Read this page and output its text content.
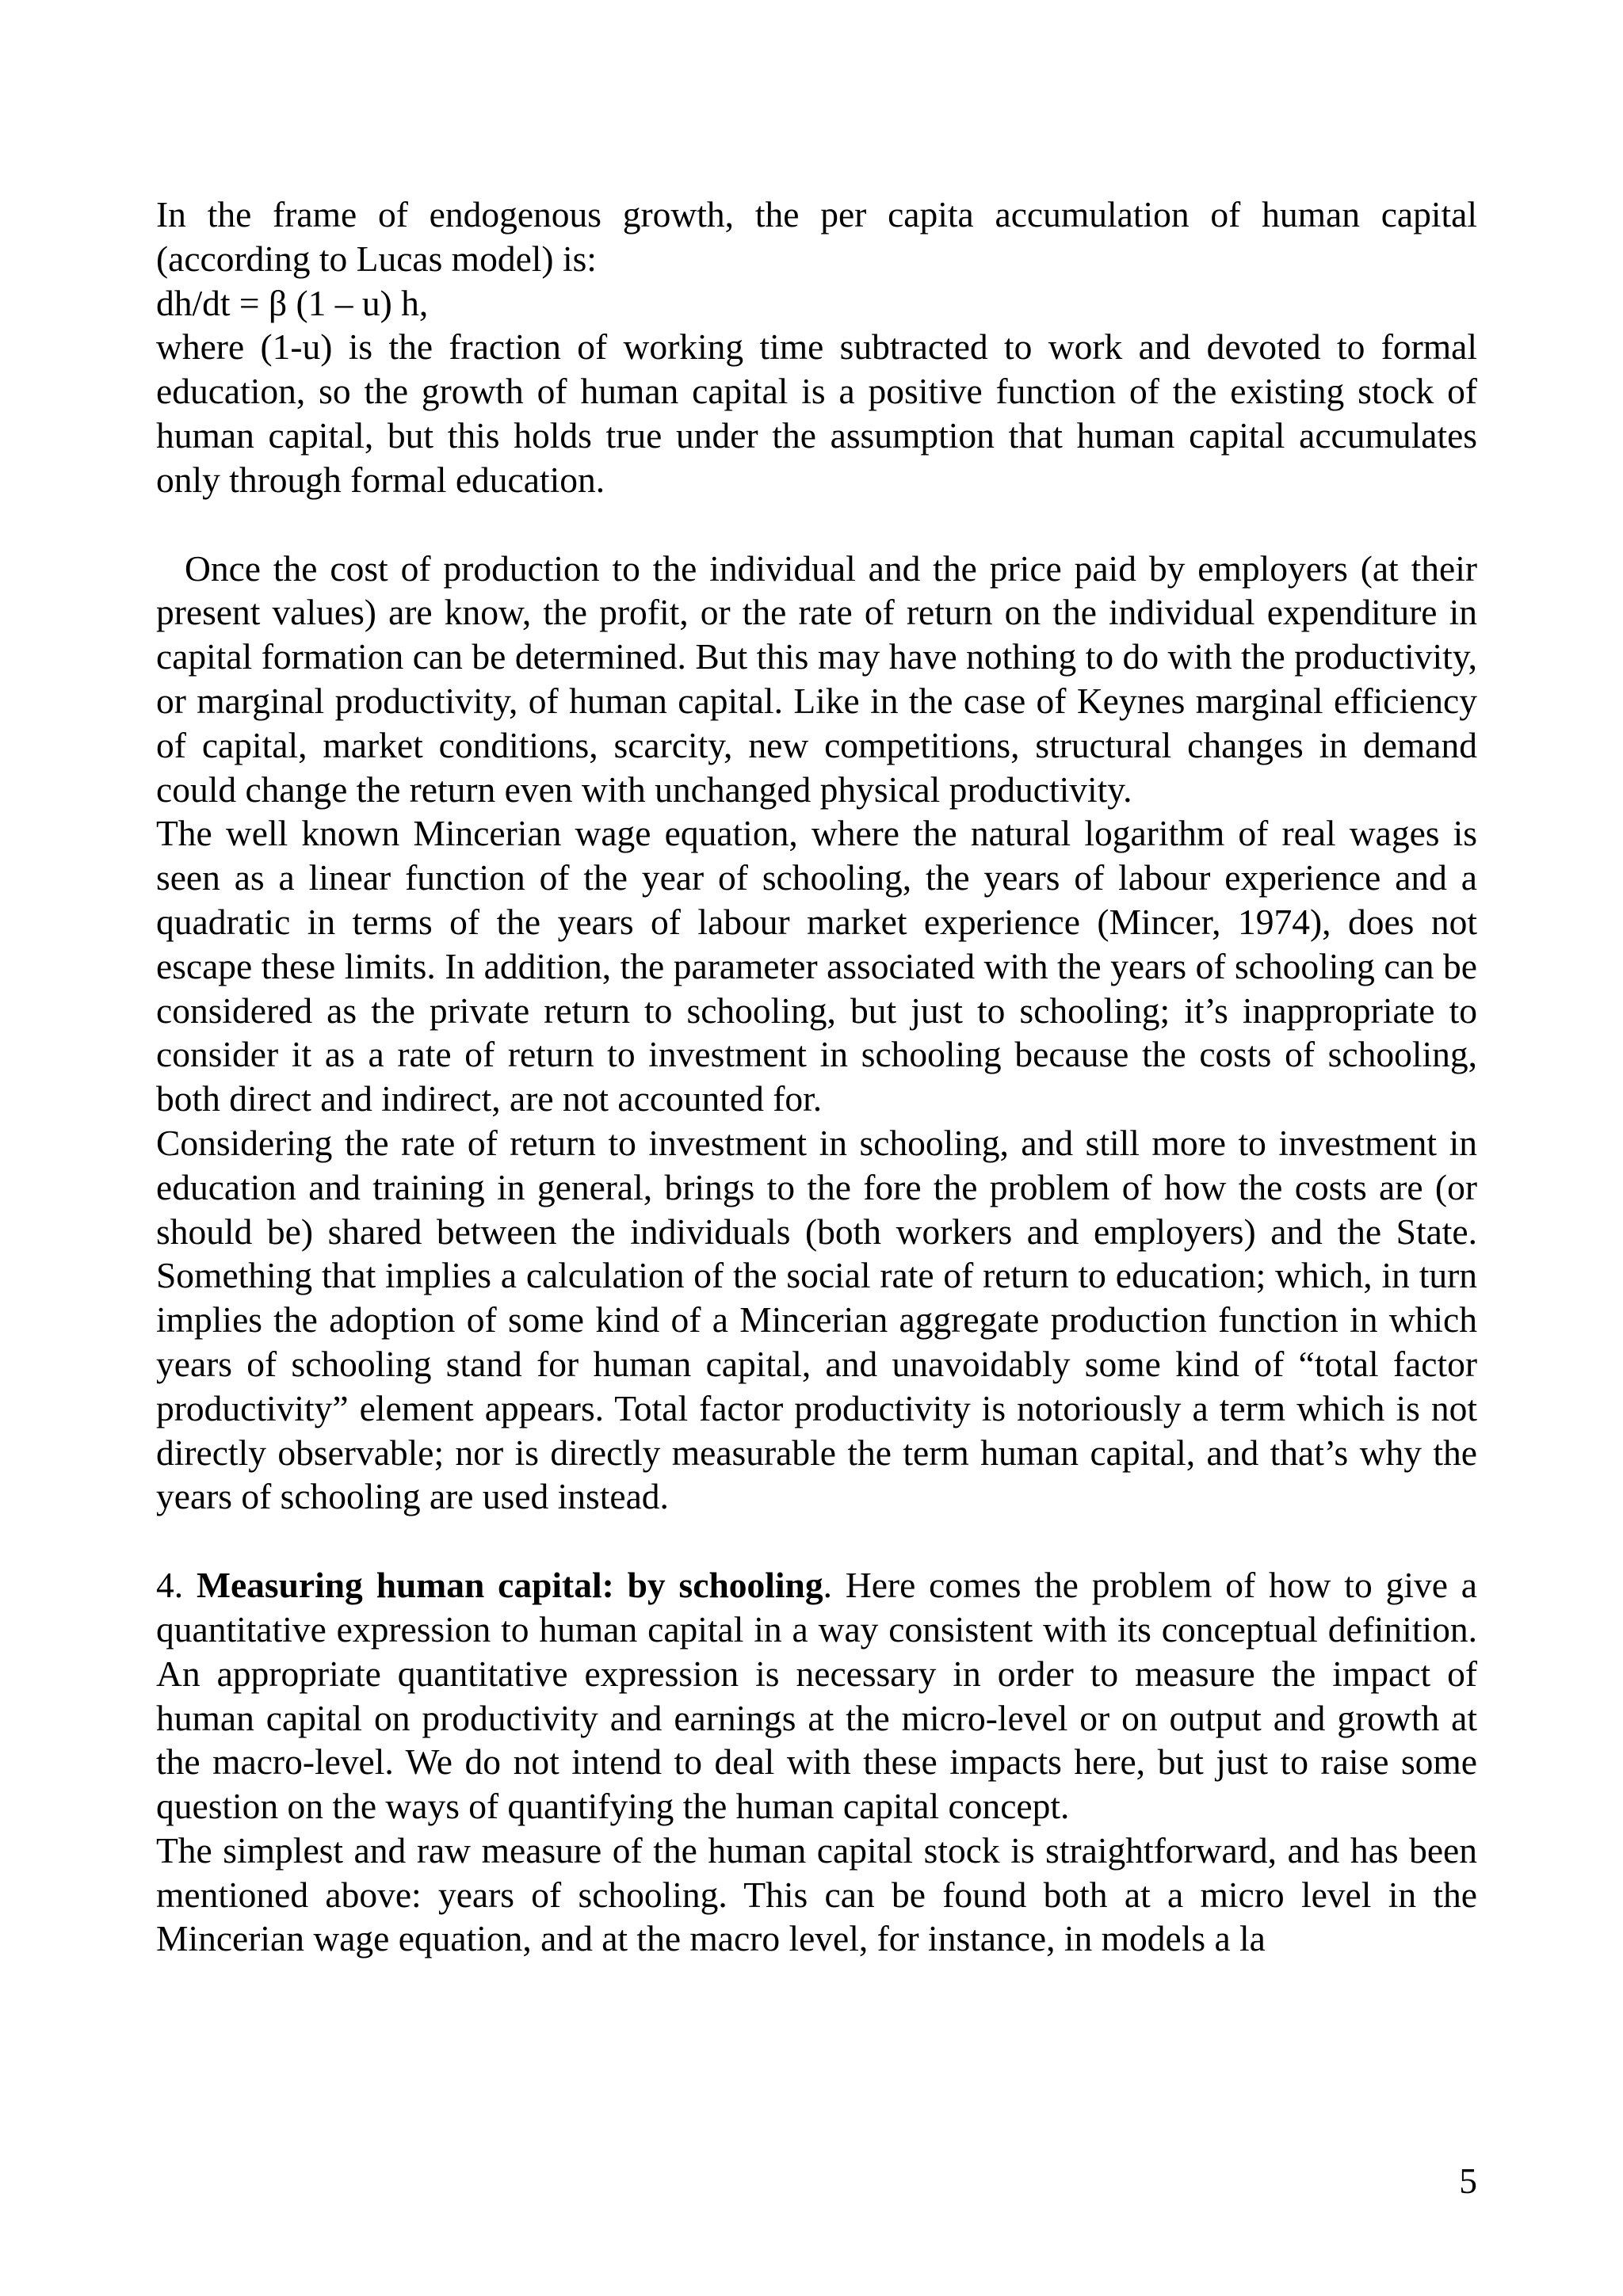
In the frame of endogenous growth, the per capita accumulation of human capital (according to Lucas model) is:

dh/dt = β (1 – u) h,

where (1-u) is the fraction of working time subtracted to work and devoted to formal education, so the growth of human capital is a positive function of the existing stock of human capital, but this holds true under the assumption that human capital accumulates only through formal education.

Once the cost of production to the individual and the price paid by employers (at their present values) are know, the profit, or the rate of return on the individual expenditure in capital formation can be determined. But this may have nothing to do with the productivity, or marginal productivity, of human capital. Like in the case of Keynes marginal efficiency of capital, market conditions, scarcity, new competitions, structural changes in demand could change the return even with unchanged physical productivity.

The well known Mincerian wage equation, where the natural logarithm of real wages is seen as a linear function of the year of schooling, the years of labour experience and a quadratic in terms of the years of labour market experience (Mincer, 1974), does not escape these limits. In addition, the parameter associated with the years of schooling can be considered as the private return to schooling, but just to schooling; it’s inappropriate to consider it as a rate of return to investment in schooling because the costs of schooling, both direct and indirect, are not accounted for.

Considering the rate of return to investment in schooling, and still more to investment in education and training in general, brings to the fore the problem of how the costs are (or should be) shared between the individuals (both workers and employers) and the State. Something that implies a calculation of the social rate of return to education; which, in turn implies the adoption of some kind of a Mincerian aggregate production function in which years of schooling stand for human capital, and unavoidably some kind of “total factor productivity” element appears. Total factor productivity is notoriously a term which is not directly observable; nor is directly measurable the term human capital, and that’s why the years of schooling are used instead.

4. Measuring human capital: by schooling. Here comes the problem of how to give a quantitative expression to human capital in a way consistent with its conceptual definition. An appropriate quantitative expression is necessary in order to measure the impact of human capital on productivity and earnings at the micro-level or on output and growth at the macro-level. We do not intend to deal with these impacts here, but just to raise some question on the ways of quantifying the human capital concept.

The simplest and raw measure of the human capital stock is straightforward, and has been mentioned above: years of schooling. This can be found both at a micro level in the Mincerian wage equation, and at the macro level, for instance, in models a la

5
